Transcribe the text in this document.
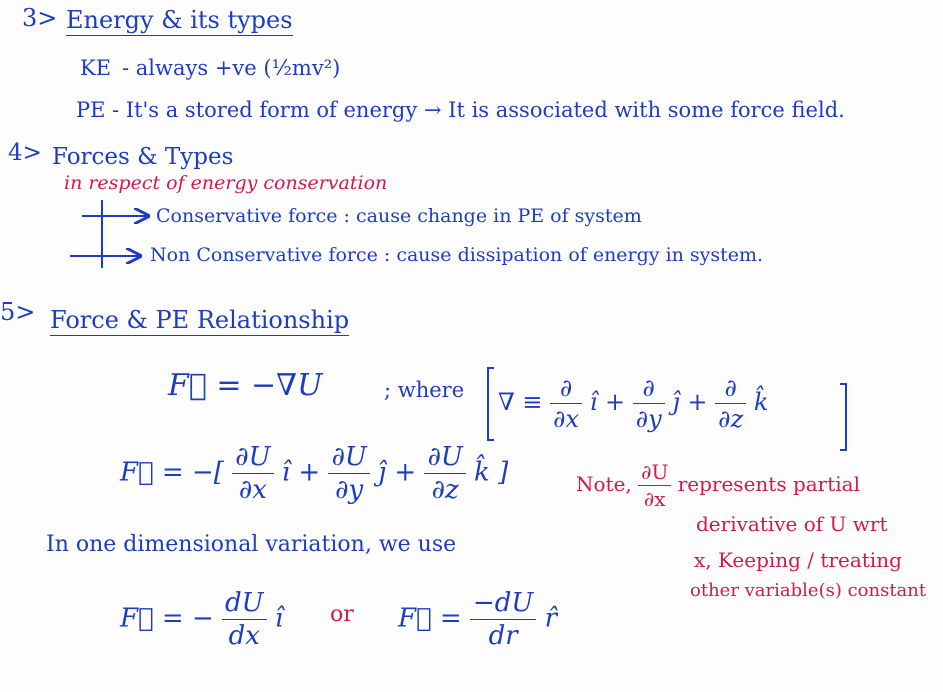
3> Energy & its types
KE - always +ve (½mv²)
PE - It's a stored form of energy → It is associated with some force field.
4> Forces & Types
in respect of energy conservation
Conservative force : cause change in PE of system
Non Conservative force : cause dissipation of energy in system.
5> Force & PE Relationship
F⃗ = −∇U	; where ∇ ≡ $\frac{\partial}{\partial x}$ î + $\frac{\partial}{\partial y}$ ĵ + $\frac{\partial}{\partial z}$ k̂
F⃗ = −[ $\frac{\partial U}{\partial x}$ î + $\frac{\partial U}{\partial y}$ ĵ + $\frac{\partial U}{\partial z}$ k̂ ]	Note, $\frac{\partial U}{\partial x}$ represents partial
derivative of U wrt
x, Keeping / treating
other variable(s) constant
In one dimensional variation, we use
F⃗ = − $\frac{dU}{dx}$ î or F⃗ = $\frac{-dU}{dr}$ r̂
